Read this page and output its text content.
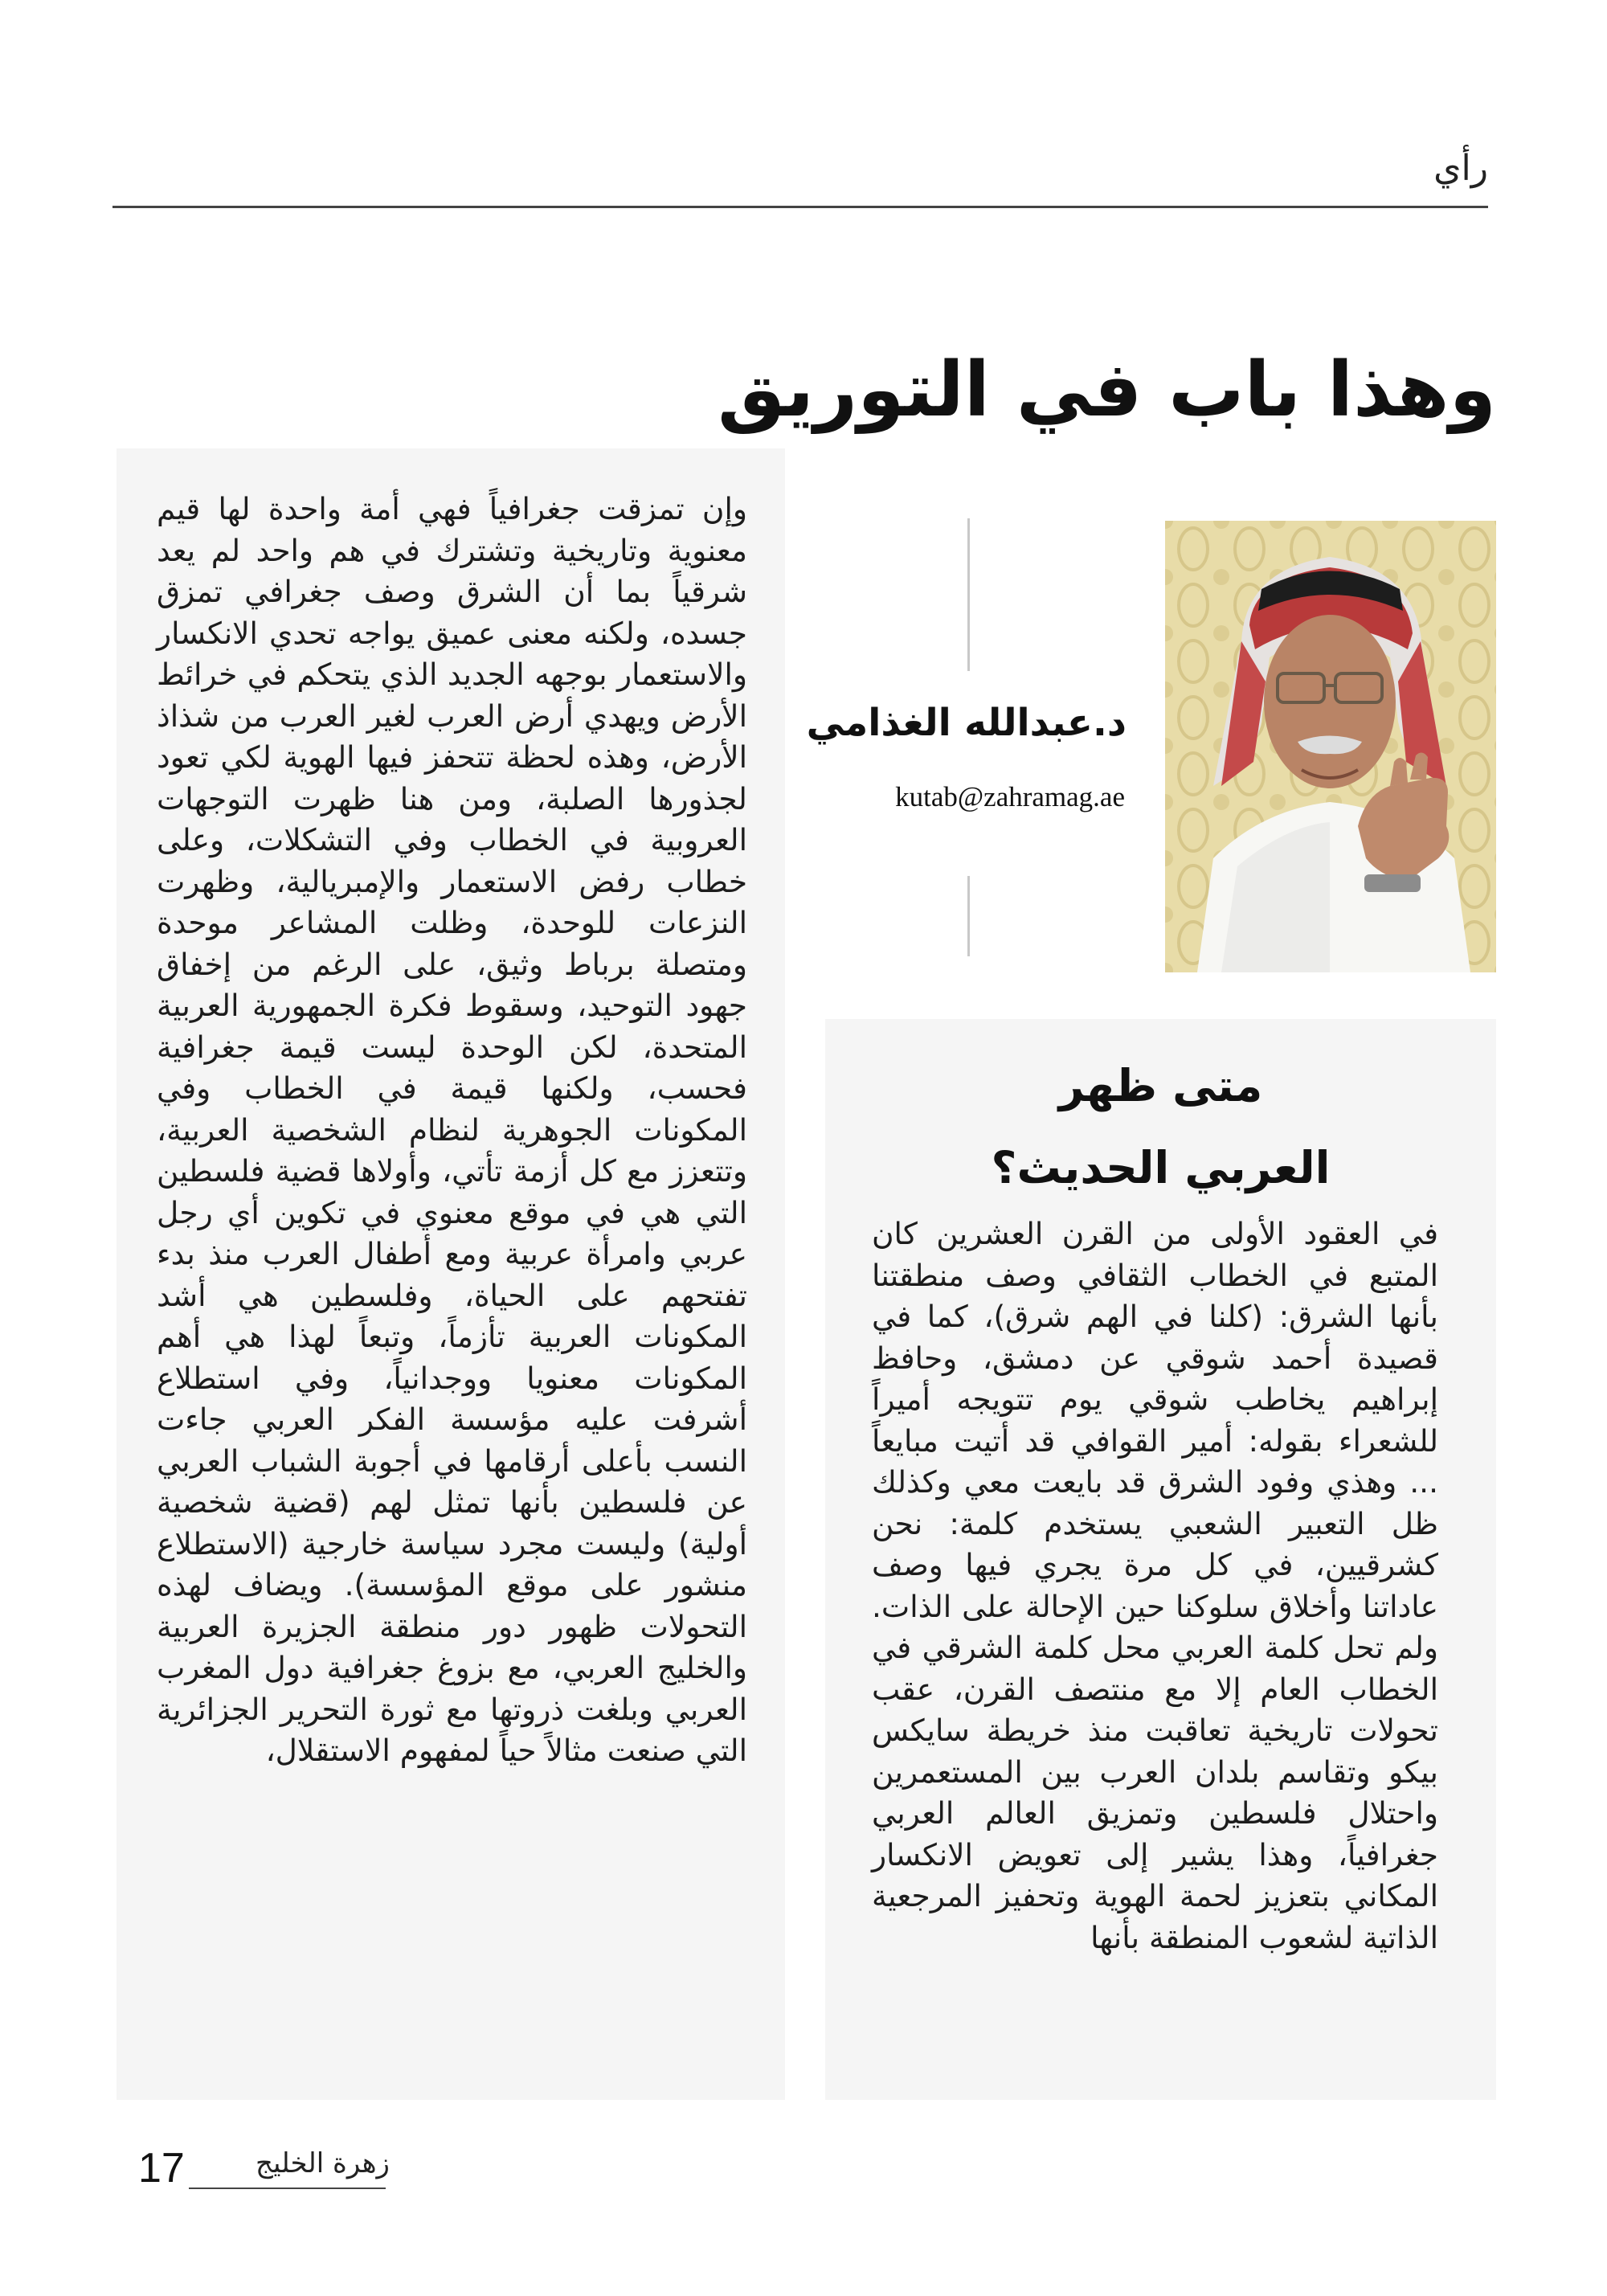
رأي
وهذا باب في التوريق

وإن تمزقت جغرافياً فهي أمة واحدة لها قيم معنوية وتاريخية وتشترك في هم واحد لم يعد شرقياً بما أن الشرق وصف جغرافي تمزق جسده، ولكنه معنى عميق يواجه تحدي الانكسار والاستعمار بوجهه الجديد الذي يتحكم في خرائط الأرض ويهدي أرض العرب لغير العرب من شذاذ الأرض، وهذه لحظة تتحفز فيها الهوية لكي تعود لجذورها الصلبة، ومن هنا ظهرت التوجهات العروبية في الخطاب وفي التشكلات، وعلى خطاب رفض الاستعمار والإمبريالية، وظهرت النزعات للوحدة، وظلت المشاعر موحدة ومتصلة برباط وثيق، على الرغم من إخفاق جهود التوحيد، وسقوط فكرة الجمهورية العربية المتحدة، لكن الوحدة ليست قيمة جغرافية فحسب، ولكنها قيمة في الخطاب وفي المكونات الجوهرية لنظام الشخصية العربية، وتتعزز مع كل أزمة تأتي، وأولاها قضية فلسطين التي هي في موقع معنوي في تكوين أي رجل عربي وامرأة عربية ومع أطفال العرب منذ بدء تفتحهم على الحياة، وفلسطين هي أشد المكونات العربية تأزماً، وتبعاً لهذا هي أهم المكونات معنويا ووجدانياً، وفي استطلاع أشرفت عليه مؤسسة الفكر العربي جاءت النسب بأعلى أرقامها في أجوبة الشباب العربي عن فلسطين بأنها تمثل لهم (قضية شخصية أولية) وليست مجرد سياسة خارجية (الاستطلاع منشور على موقع المؤسسة). ويضاف لهذه التحولات ظهور دور منطقة الجزيرة العربية والخليج العربي، مع بزوغ جغرافية دول المغرب العربي وبلغت ذروتها مع ثورة التحرير الجزائرية التي صنعت مثالاً حياً لمفهوم الاستقلال،

د.عبدالله الغذامي
kutab@zahramag.ae
متى ظهر
العربي الحديث؟

في العقود الأولى من القرن العشرين كان المتبع في الخطاب الثقافي وصف منطقتنا بأنها الشرق: (كلنا في الهم شرق)، كما في قصيدة أحمد شوقي عن دمشق، وحافظ إبراهيم يخاطب شوقي يوم تتويجه أميراً للشعراء بقوله: أمير القوافي قد أتيت مبايعاً ... وهذي وفود الشرق قد بايعت معي وكذلك ظل التعبير الشعبي يستخدم كلمة: نحن كشرقيين، في كل مرة يجري فيها وصف عاداتنا وأخلاق سلوكنا حين الإحالة على الذات. ولم تحل كلمة العربي محل كلمة الشرقي في الخطاب العام إلا مع منتصف القرن، عقب تحولات تاريخية تعاقبت منذ خريطة سايكس بيكو وتقاسم بلدان العرب بين المستعمرين واحتلال فلسطين وتمزيق العالم العربي جغرافياً، وهذا يشير إلى تعويض الانكسار المكاني بتعزيز لحمة الهوية وتحفيز المرجعية الذاتية لشعوب المنطقة بأنها

17	زهرة الخليج
